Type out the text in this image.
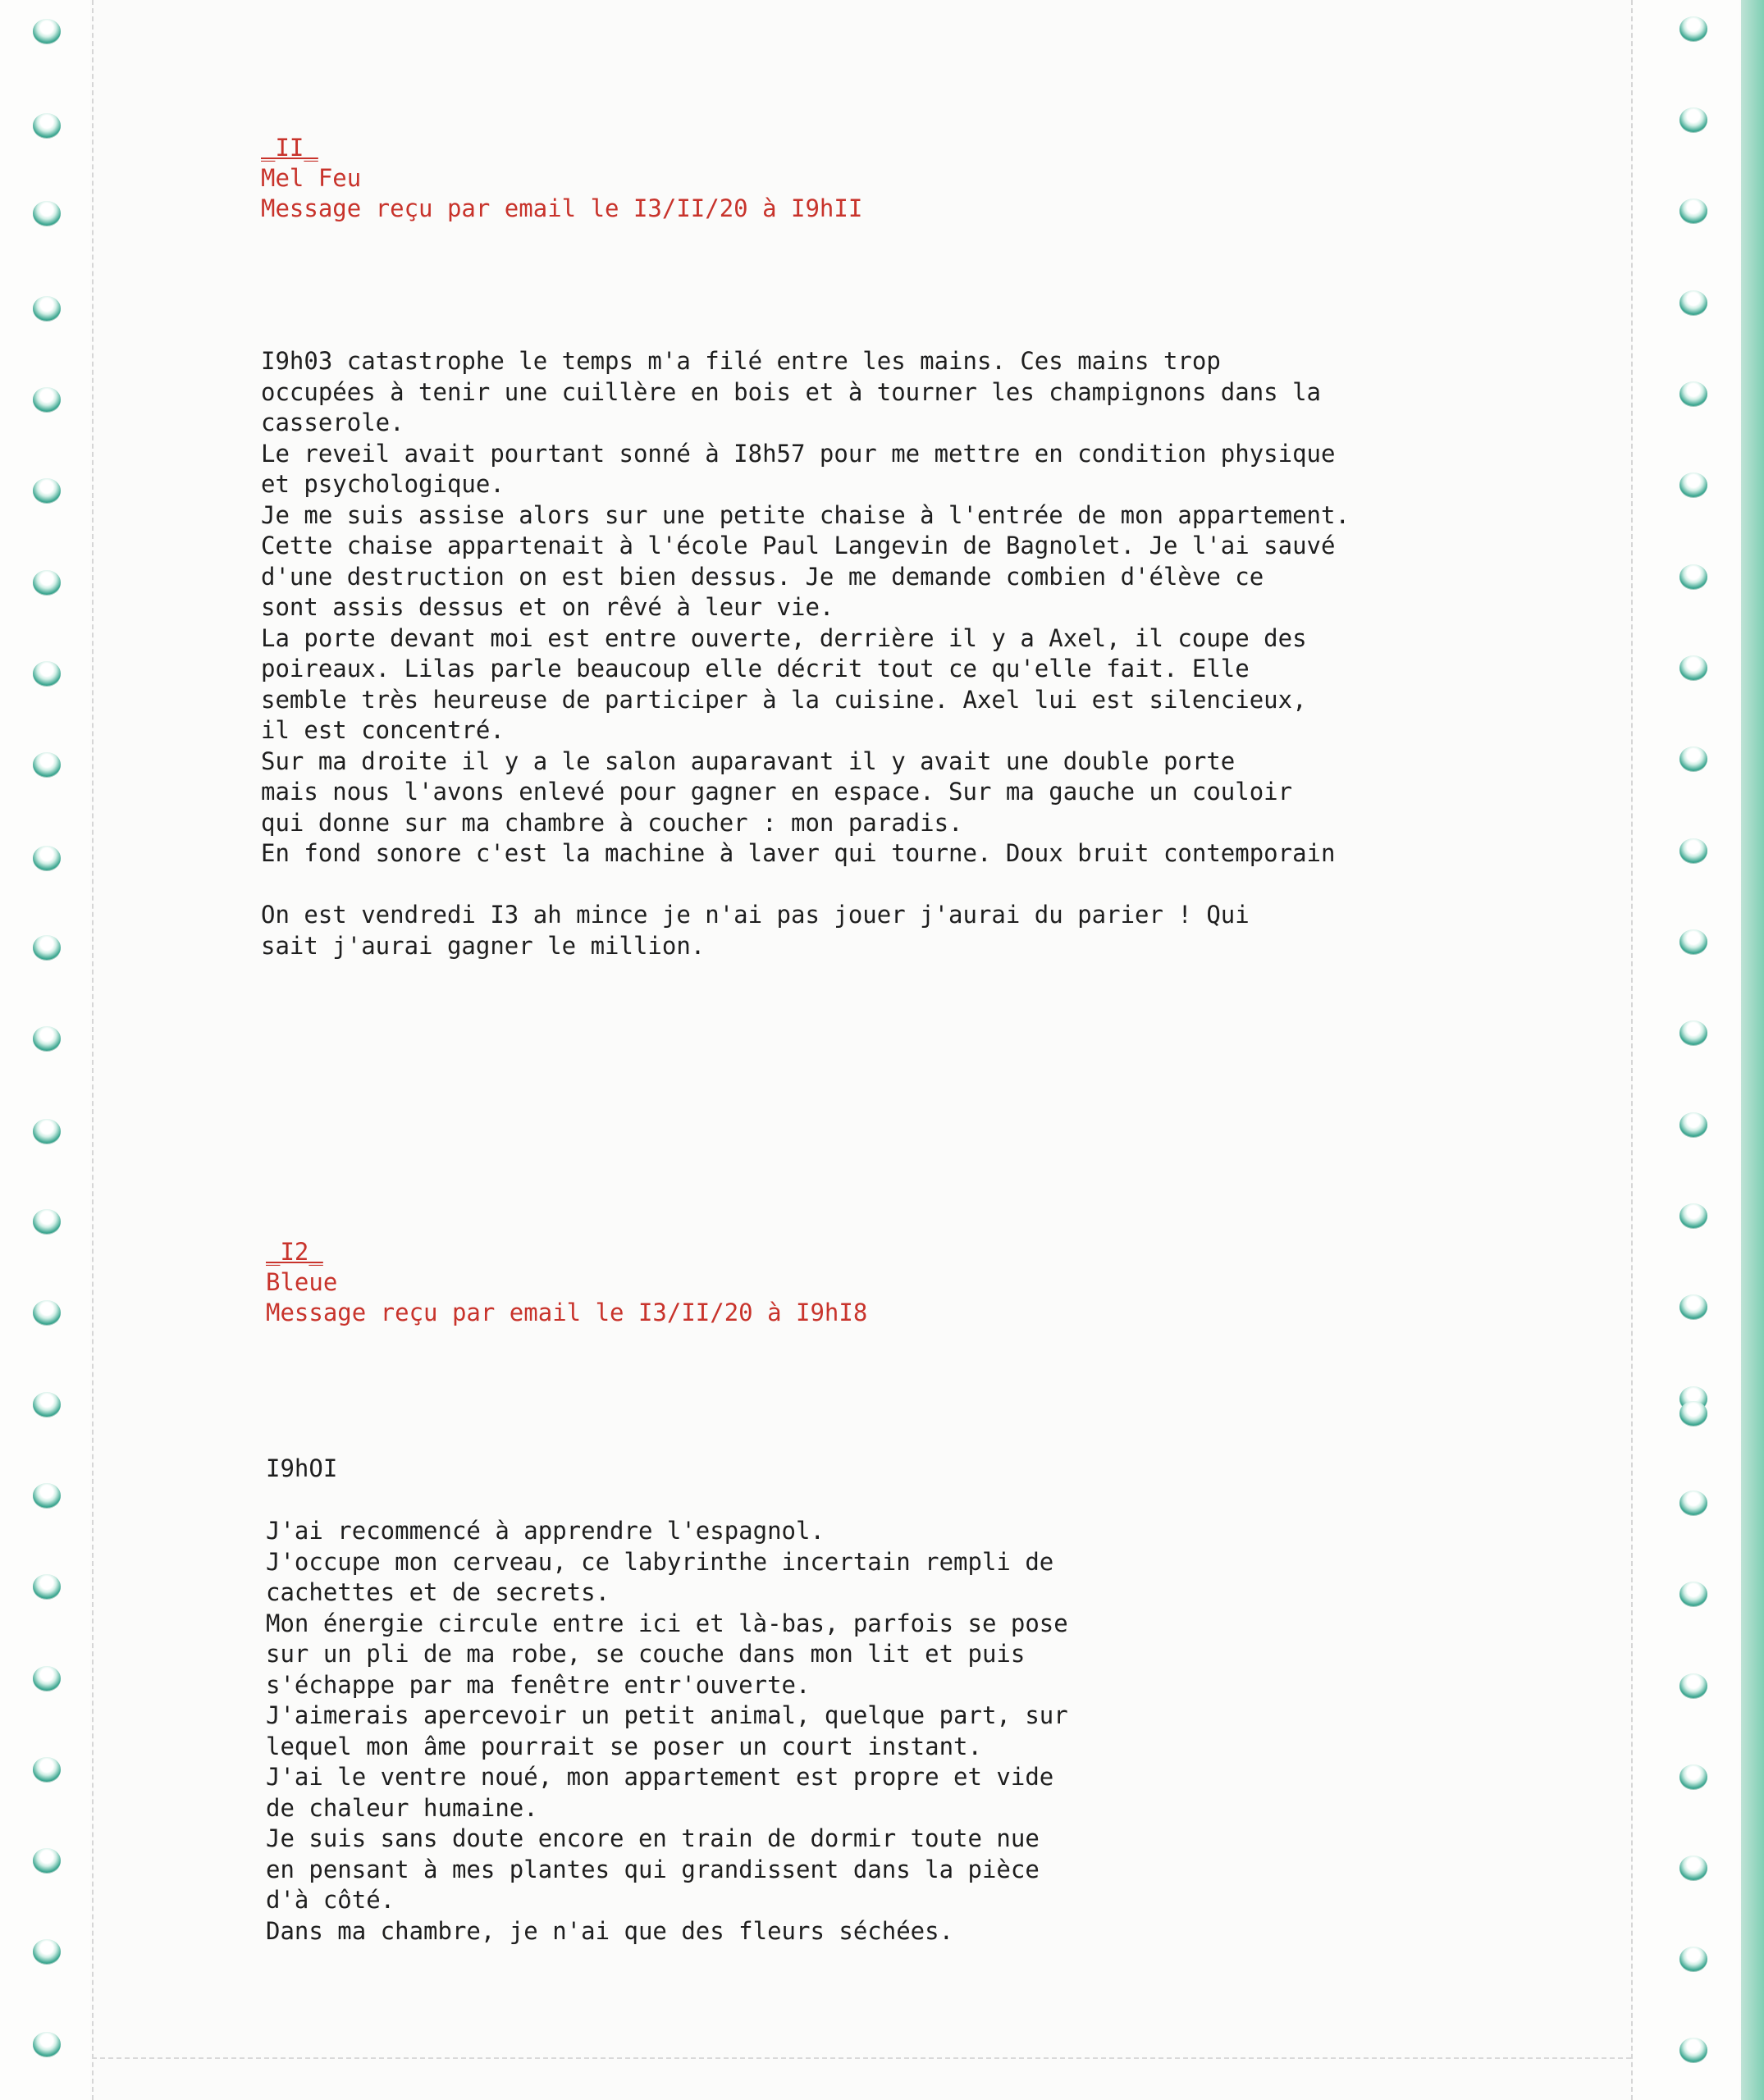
_II_

Mel Feu

Message reçu par email le I3/II/20 à I9hII

I9h03 catastrophe le temps m'a filé entre les mains. Ces mains trop
occupées à tenir une cuillère en bois et à tourner les champignons dans la
casserole.
Le reveil avait pourtant sonné à I8h57 pour me mettre en condition physique
et psychologique.
Je me suis assise alors sur une petite chaise à l'entrée de mon appartement.
Cette chaise appartenait à l'école Paul Langevin de Bagnolet. Je l'ai sauvé
d'une destruction on est bien dessus. Je me demande combien d'élève ce
sont assis dessus et on rêvé à leur vie.
La porte devant moi est entre ouverte, derrière il y a Axel, il coupe des
poireaux. Lilas parle beaucoup elle décrit tout ce qu'elle fait. Elle
semble très heureuse de participer à la cuisine. Axel lui est silencieux,
il est concentré.
Sur ma droite il y a le salon auparavant il y avait une double porte
mais nous l'avons enlevé pour gagner en espace. Sur ma gauche un couloir
qui donne sur ma chambre à coucher : mon paradis.
En fond sonore c'est la machine à laver qui tourne. Doux bruit contemporain

On est vendredi I3 ah mince je n'ai pas jouer j'aurai du parier ! Qui
sait j'aurai gagner le million.

_I2_

Bleue

Message reçu par email le I3/II/20 à I9hI8

I9hOI

J'ai recommencé à apprendre l'espagnol.
J'occupe mon cerveau, ce labyrinthe incertain rempli de
cachettes et de secrets.
Mon énergie circule entre ici et là-bas, parfois se pose
sur un pli de ma robe, se couche dans mon lit et puis
s'échappe par ma fenêtre entr'ouverte.
J'aimerais apercevoir un petit animal, quelque part, sur
lequel mon âme pourrait se poser un court instant.
J'ai le ventre noué, mon appartement est propre et vide
de chaleur humaine.
Je suis sans doute encore en train de dormir toute nue
en pensant à mes plantes qui grandissent dans la pièce
d'à côté.
Dans ma chambre, je n'ai que des fleurs séchées.
